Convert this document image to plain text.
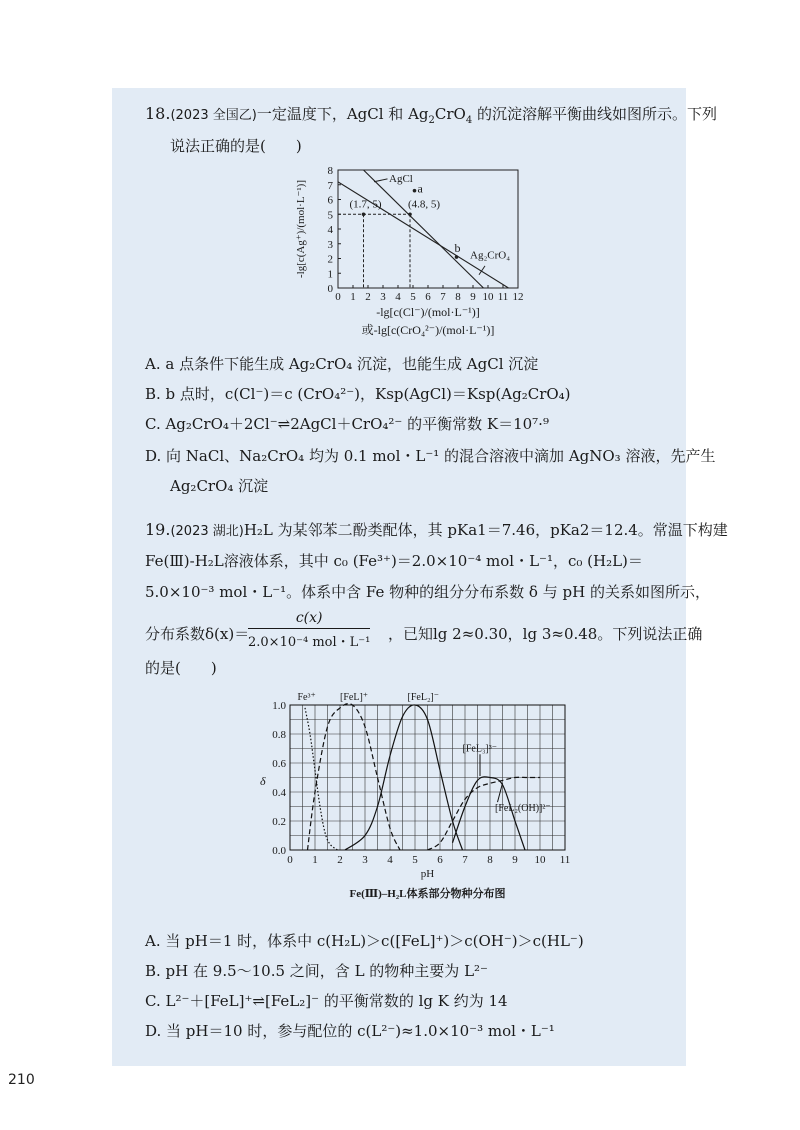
18.(2023 全国乙)一定温度下，AgCl 和 $Ag_2CrO_4$ 的沉淀溶解平衡曲线如图所示。下列
说法正确的是(　　)
0 1 2 3 4 5 6 7 8 9 10 11 12
0
1
2
3
4
5
6
7
8
a
b
(1.7, 5) (4.8, 5)
AgCl
Ag₂CrO₄
-lg[c(Ag⁺)/(mol·L⁻¹)]
-lg[c(Cl⁻)/(mol·L⁻¹)]
或-lg[c(CrO₄²⁻)/(mol·L⁻¹)]
A. a 点条件下能生成 Ag₂CrO₄ 沉淀，也能生成 AgCl 沉淀
B. b 点时，c(Cl⁻)＝c (CrO₄²⁻)，Ksp(AgCl)＝Ksp(Ag₂CrO₄)
C. Ag₂CrO₄＋2Cl⁻⇌2AgCl＋CrO₄²⁻ 的平衡常数 K＝10⁷·⁹
D. 向 NaCl、Na₂CrO₄ 均为 0.1 mol・L⁻¹ 的混合溶液中滴加 AgNO₃ 溶液，先产生
Ag₂CrO₄ 沉淀
19.(2023 湖北)H₂L 为某邻苯二酚类配体，其 pKa1＝7.46，pKa2＝12.4。常温下构建
Fe(Ⅲ)-H₂L溶液体系，其中 c₀ (Fe³⁺)＝2.0×10⁻⁴ mol・L⁻¹，c₀ (H₂L)＝
5.0×10⁻³ mol・L⁻¹。体系中含 Fe 物种的组分分布系数 δ 与 pH 的关系如图所示，
分布系数δ(x)＝
c(x)
2.0×10⁻⁴ mol・L⁻¹ ，已知lg 2≈0.30，lg 3≈0.48。下列说法正确
的是(　　)
0 1 2 3 4 5 6 7 8 9 10 11
0.0
0.2
0.4
0.6
0.8
1.0
Fe³⁺ [FeL]⁺	[FeL₂]⁻
[FeL₃]³⁻
[FeL₂(OH)]²⁻
δ
pH
Fe(Ⅲ)–H₂L体系部分物种分布图
A. 当 pH＝1 时，体系中 c(H₂L)＞c([FeL]⁺)＞c(OH⁻)＞c(HL⁻)
B. pH 在 9.5～10.5 之间，含 L 的物种主要为 L²⁻
C. L²⁻＋[FeL]⁺⇌[FeL₂]⁻ 的平衡常数的 lg K 约为 14
D. 当 pH＝10 时，参与配位的 c(L²⁻)≈1.0×10⁻³ mol・L⁻¹
210
